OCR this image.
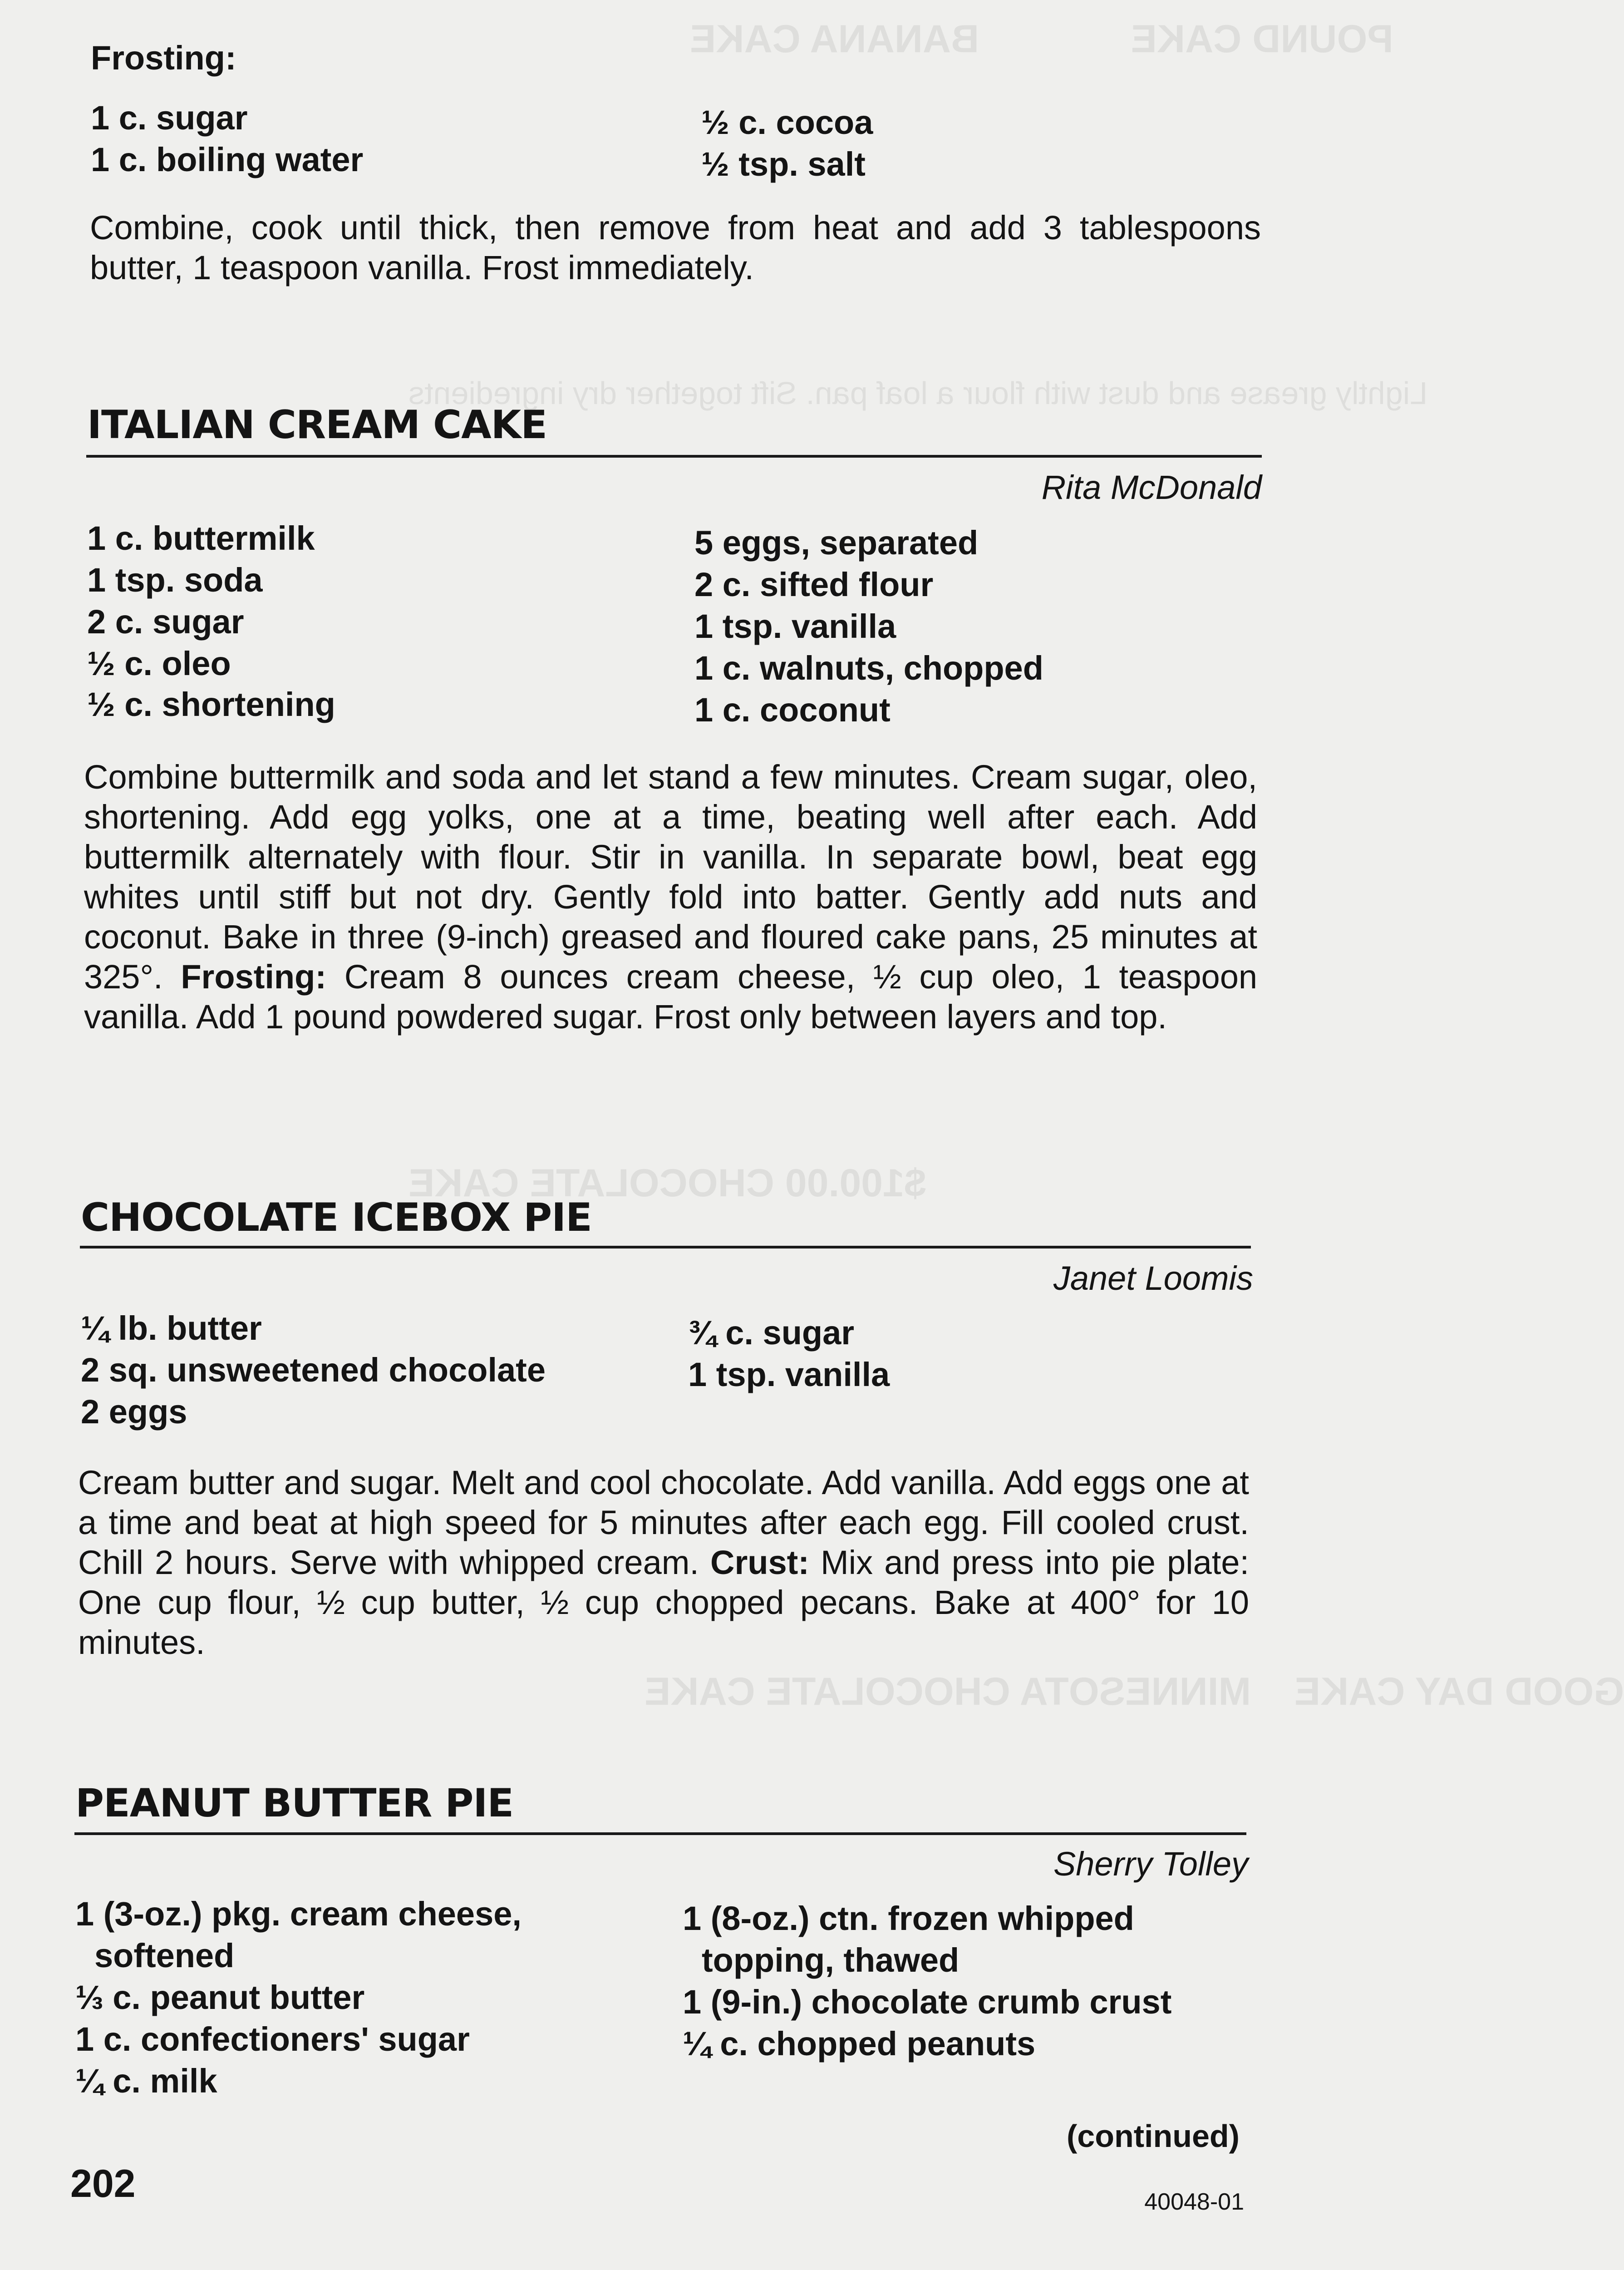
POUND CAKE              BANANA CAKE
Lightly grease and dust with flour a loaf pan. Sift together dry ingredients
$100.00 CHOCOLATE CAKE
GOOD DAY CAKE    MINNESOTA CHOCOLATE CAKE
Frosting:
1 c. sugar
1 c. boiling water
½ c. cocoa
½ tsp. salt
Combine, cook until thick, then remove from heat and add 3 tablespoons butter, 1 teaspoon vanilla. Frost immediately.
ITALIAN CREAM CAKE
Rita McDonald
1 c. buttermilk
1 tsp. soda
2 c. sugar
½ c. oleo
½ c. shortening
5 eggs, separated
2 c. sifted flour
1 tsp. vanilla
1 c. walnuts, chopped
1 c. coconut
Combine buttermilk and soda and let stand a few minutes. Cream sugar, oleo, shortening. Add egg yolks, one at a time, beating well after each. Add buttermilk alternately with flour. Stir in vanilla. In separate bowl, beat egg whites until stiff but not dry. Gently fold into batter. Gently add nuts and coconut. Bake in three (9-inch) greased and floured cake pans, 25 minutes at 325°. Frosting: Cream 8 ounces cream cheese, ½ cup oleo, 1 teaspoon vanilla. Add 1 pound powdered sugar. Frost only between layers and top.
CHOCOLATE ICEBOX PIE
Janet Loomis
¼ lb. butter
2 sq. unsweetened chocolate
2 eggs
¾ c. sugar
1 tsp. vanilla
Cream butter and sugar. Melt and cool chocolate. Add vanilla. Add eggs one at a time and beat at high speed for 5 minutes after each egg. Fill cooled crust. Chill 2 hours. Serve with whipped cream. Crust: Mix and press into pie plate: One cup flour, ½ cup butter, ½ cup chopped pecans. Bake at 400° for 10 minutes.
PEANUT BUTTER PIE
Sherry Tolley
1 (3-oz.) pkg. cream cheese,
softened
⅓ c. peanut butter
1 c. confectioners' sugar
¼ c. milk
1 (8-oz.) ctn. frozen whipped
topping, thawed
1 (9-in.) chocolate crumb crust
¼ c. chopped peanuts
(continued)
202	40048-01
